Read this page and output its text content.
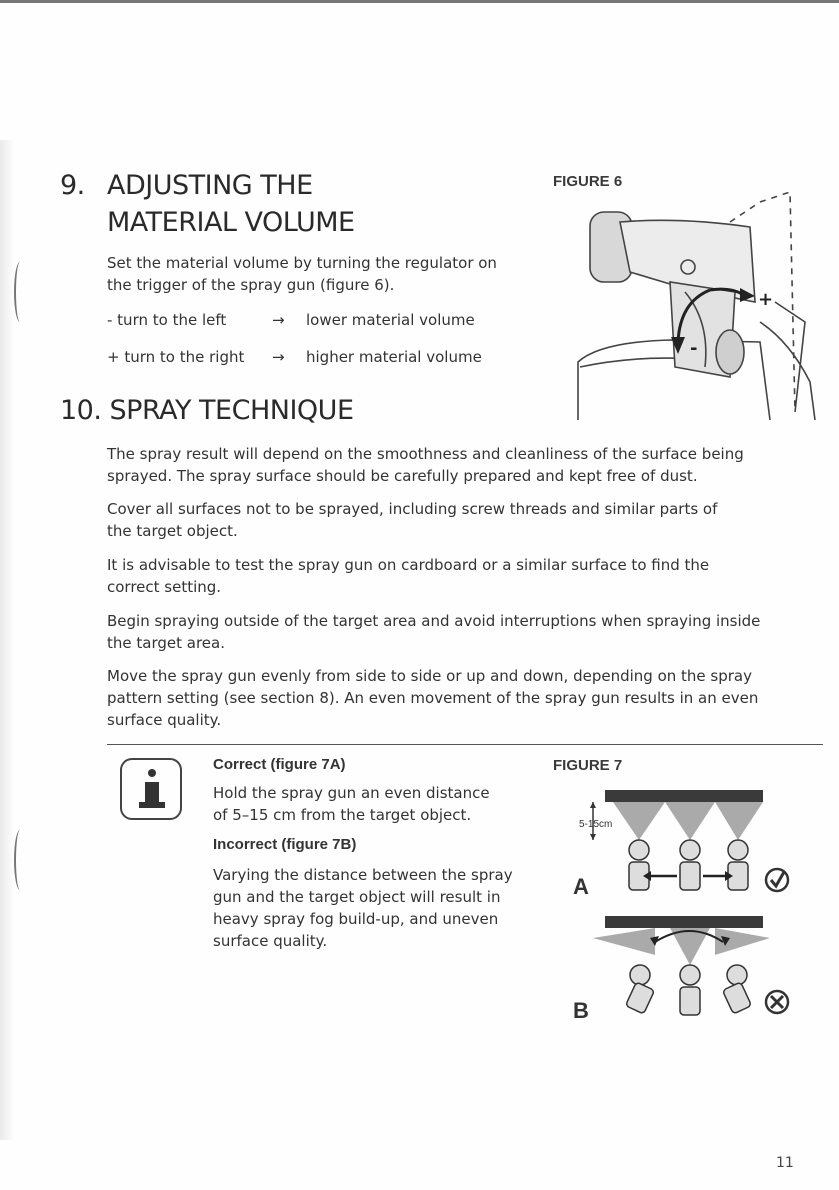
9. ADJUSTING THE
MATERIAL VOLUME
Set the material volume by turning the regulator on
the trigger of the spray gun (figure 6).
- turn to the left	→ lower material volume
+ turn to the right → higher material volume
FIGURE 6
+
-
10. SPRAY TECHNIQUE
The spray result will depend on the smoothness and cleanliness of the surface being
sprayed. The spray surface should be carefully prepared and kept free of dust.
Cover all surfaces not to be sprayed, including screw threads and similar parts of
the target object.
It is advisable to test the spray gun on cardboard or a similar surface to find the
correct setting.
Begin spraying outside of the target area and avoid interruptions when spraying inside
the target area.
Move the spray gun evenly from side to side or up and down, depending on the spray
pattern setting (see section 8). An even movement of the spray gun results in an even
surface quality.
Correct (figure 7A)
Hold the spray gun an even distance
of 5–15 cm from the target object.
Incorrect (figure 7B)
Varying the distance between the spray
gun and the target object will result in
heavy spray fog build-up, and uneven
surface quality.
FIGURE 7
5-15cm
A
B
11
